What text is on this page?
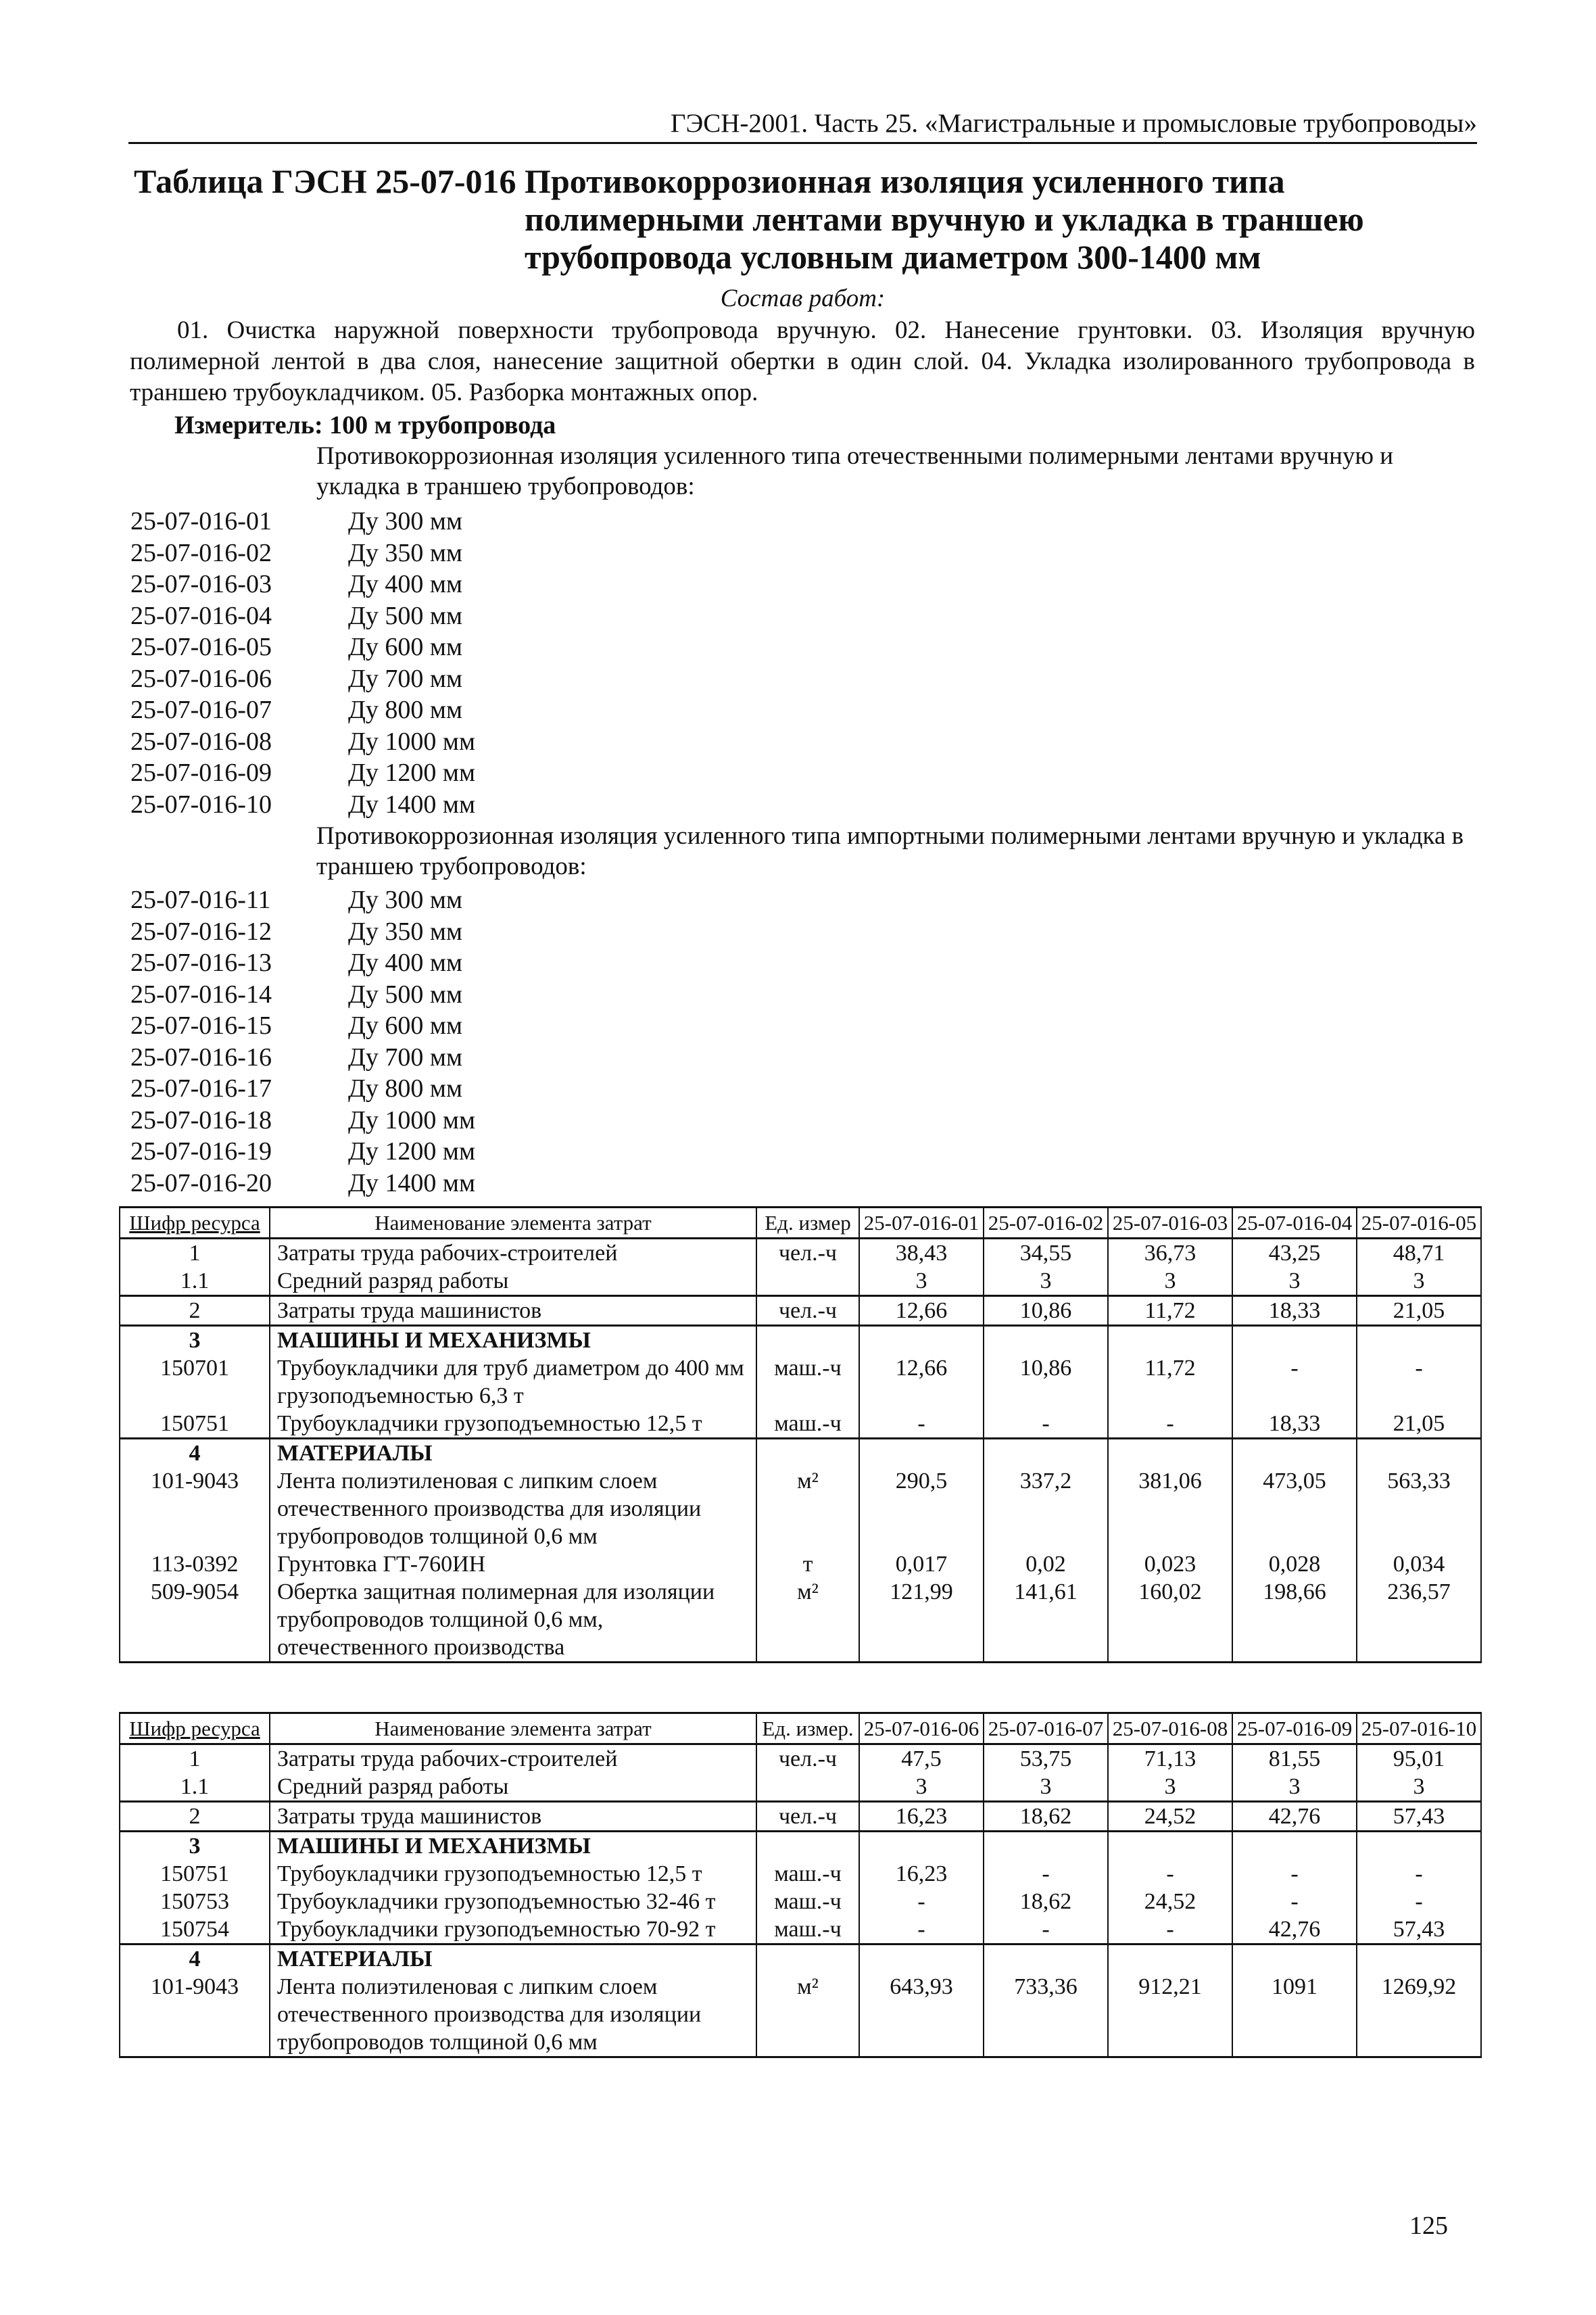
ГЭСН-2001. Часть 25. «Магистральные и промысловые трубопроводы»
Таблица ГЭСН 25-07-016 Противокоррозионная изоляция усиленного типа
полимерными лентами вручную и укладка в траншею
трубопровода условным диаметром 300-1400 мм
Состав работ:
01. Очистка наружной поверхности трубопровода вручную. 02. Нанесение грунтовки. 03. Изоляция вручную полимерной лентой в два слоя, нанесение защитной обертки в один слой. 04. Укладка изолированного трубопровода в траншею трубоукладчиком. 05. Разборка монтажных опор.
Измеритель: 100 м трубопровода
Противокоррозионная изоляция усиленного типа отечественными полимерными лентами вручную и укладка в траншею трубопроводов:
25-07-016-01	Ду 300 мм
25-07-016-02	Ду 350 мм
25-07-016-03	Ду 400 мм
25-07-016-04	Ду 500 мм
25-07-016-05	Ду 600 мм
25-07-016-06	Ду 700 мм
25-07-016-07	Ду 800 мм
25-07-016-08	Ду 1000 мм
25-07-016-09	Ду 1200 мм
25-07-016-10	Ду 1400 мм
Противокоррозионная изоляция усиленного типа импортными полимерными лентами вручную и укладка в траншею трубопроводов:
25-07-016-11	Ду 300 мм
25-07-016-12	Ду 350 мм
25-07-016-13	Ду 400 мм
25-07-016-14	Ду 500 мм
25-07-016-15	Ду 600 мм
25-07-016-16	Ду 700 мм
25-07-016-17	Ду 800 мм
25-07-016-18	Ду 1000 мм
25-07-016-19	Ду 1200 мм
25-07-016-20	Ду 1400 мм
Шифр ресурса	Наименование элемента затрат	Ед. измер	25-07-016-01	25-07-016-02	25-07-016-03	25-07-016-04	25-07-016-05
1	Затраты труда рабочих-строителей	чел.-ч	38,43	34,55	36,73	43,25	48,71
1.1	Средний разряд работы		3	3	3	3	3
2	Затраты труда машинистов	чел.-ч	12,66	10,86	11,72	18,33	21,05
3	МАШИНЫ И МЕХАНИЗМЫ						
150701	Трубоукладчики для труб диаметром до 400 мм грузоподъемностью 6,3 т	маш.-ч	12,66	10,86	11,72	-	-
150751	Трубоукладчики грузоподъемностью 12,5 т	маш.-ч	-	-	-	18,33	21,05
4	МАТЕРИАЛЫ						
101-9043	Лента полиэтиленовая с липким слоем отечественного производства для изоляции трубопроводов толщиной 0,6 мм	м²	290,5	337,2	381,06	473,05	563,33
113-0392	Грунтовка ГТ-760ИН	т	0,017	0,02	0,023	0,028	0,034
509-9054	Обертка защитная полимерная для изоляции трубопроводов толщиной 0,6 мм, отечественного производства	м²	121,99	141,61	160,02	198,66	236,57
Шифр ресурса	Наименование элемента затрат	Ед. измер.	25-07-016-06	25-07-016-07	25-07-016-08	25-07-016-09	25-07-016-10
1	Затраты труда рабочих-строителей	чел.-ч	47,5	53,75	71,13	81,55	95,01
1.1	Средний разряд работы		3	3	3	3	3
2	Затраты труда машинистов	чел.-ч	16,23	18,62	24,52	42,76	57,43
3	МАШИНЫ И МЕХАНИЗМЫ						
150751	Трубоукладчики грузоподъемностью 12,5 т	маш.-ч	16,23	-	-	-	-
150753	Трубоукладчики грузоподъемностью 32-46 т	маш.-ч	-	18,62	24,52	-	-
150754	Трубоукладчики грузоподъемностью 70-92 т	маш.-ч	-	-	-	42,76	57,43
4	МАТЕРИАЛЫ						
101-9043	Лента полиэтиленовая с липким слоем отечественного производства для изоляции трубопроводов толщиной 0,6 мм	м²	643,93	733,36	912,21	1091	1269,92
125
